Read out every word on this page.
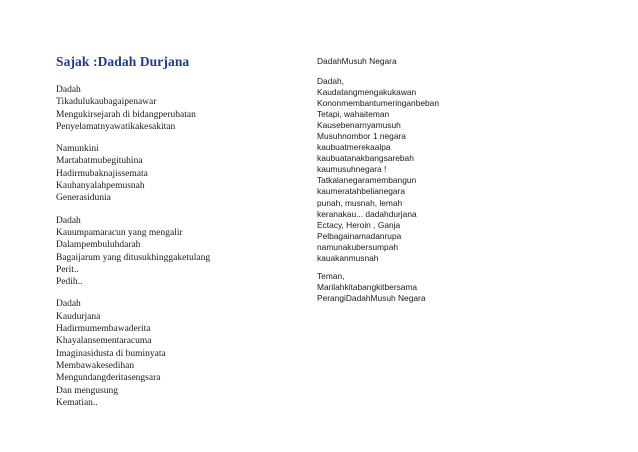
Sajak :Dadah Durjana
Dadah
Tikadulukaubagaipenawar
Mengukirsejarah di bidangperubatan
Penyelamatnyawatikakesakitan
Namunkini
Martabatmubegituhina
Hadirmubaknajissemata
Kauhanyalahpemusnah
Generasidunia
Dadah
Kauumpamaracun yang mengalir
Dalampembuluhdarah
Bagaijarum yang ditusukhinggaketulang
Perit..
Pedih..
Dadah
Kaudurjana
Hadirmumembawaderita
Khayalansementaracuma
Imaginasidusta di buminyata
Membawakesedihan
Mengundangderitasengsara
Dan mengusung
Kematian..
DadahMusuh Negara
Dadah,
Kaudatangmengakukawan
Kononmembantumeringanbeban
Tetapi, wahaiteman
Kausebenarnyamusuh
Musuhnombor 1 negara
kaubuatmerekaalpa
kaubuatanakbangsarebah
kaumusuhnegara !
Tatkalanegaramembangun
kaumeratahbelianegara
punah, musnah, lemah
keranakau... dadahdurjana
Ectacy, Heroin , Ganja
Pelbagainamadanrupa
namunakubersumpah
kauakanmusnah
Teman,
Marilahkitabangkitbersama
PerangiDadahMusuh Negara
